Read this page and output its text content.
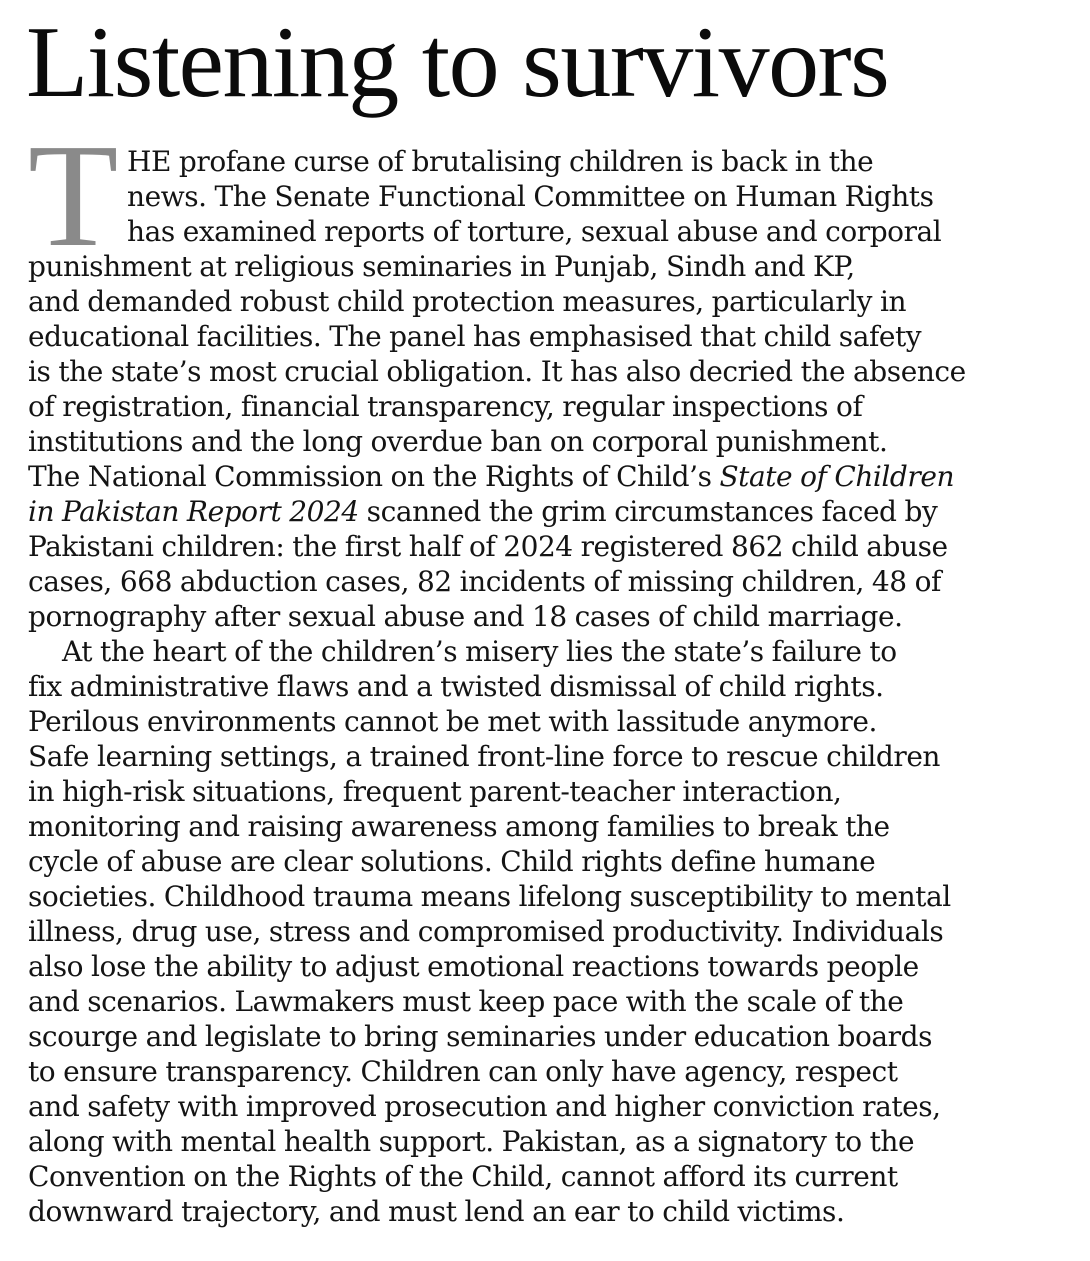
Listening to survivors
T HE profane curse of brutalising children is back in the
news. The Senate Functional Committee on Human Rights
has examined reports of torture, sexual abuse and corporal
punishment at religious seminaries in Punjab, Sindh and KP,
and demanded robust child protection measures, particularly in
educational facilities. The panel has emphasised that child safety
is the state’s most crucial obligation. It has also decried the absence
of registration, financial transparency, regular inspections of
institutions and the long overdue ban on corporal punishment.
The National Commission on the Rights of Child’s State of Children
in Pakistan Report 2024 scanned the grim circumstances faced by
Pakistani children: the first half of 2024 registered 862 child abuse
cases, 668 abduction cases, 82 incidents of missing children, 48 of
pornography after sexual abuse and 18 cases of child marriage.
At the heart of the children’s misery lies the state’s failure to
fix administrative flaws and a twisted dismissal of child rights.
Perilous environments cannot be met with lassitude anymore.
Safe learning settings, a trained front-line force to rescue children
in high-risk situations, frequent parent-teacher interaction,
monitoring and raising awareness among families to break the
cycle of abuse are clear solutions. Child rights define humane
societies. Childhood trauma means lifelong susceptibility to mental
illness, drug use, stress and compromised productivity. Individuals
also lose the ability to adjust emotional reactions towards people
and scenarios. Lawmakers must keep pace with the scale of the
scourge and legislate to bring seminaries under education boards
to ensure transparency. Children can only have agency, respect
and safety with improved prosecution and higher conviction rates,
along with mental health support. Pakistan, as a signatory to the
Convention on the Rights of the Child, cannot afford its current
downward trajectory, and must lend an ear to child victims.
